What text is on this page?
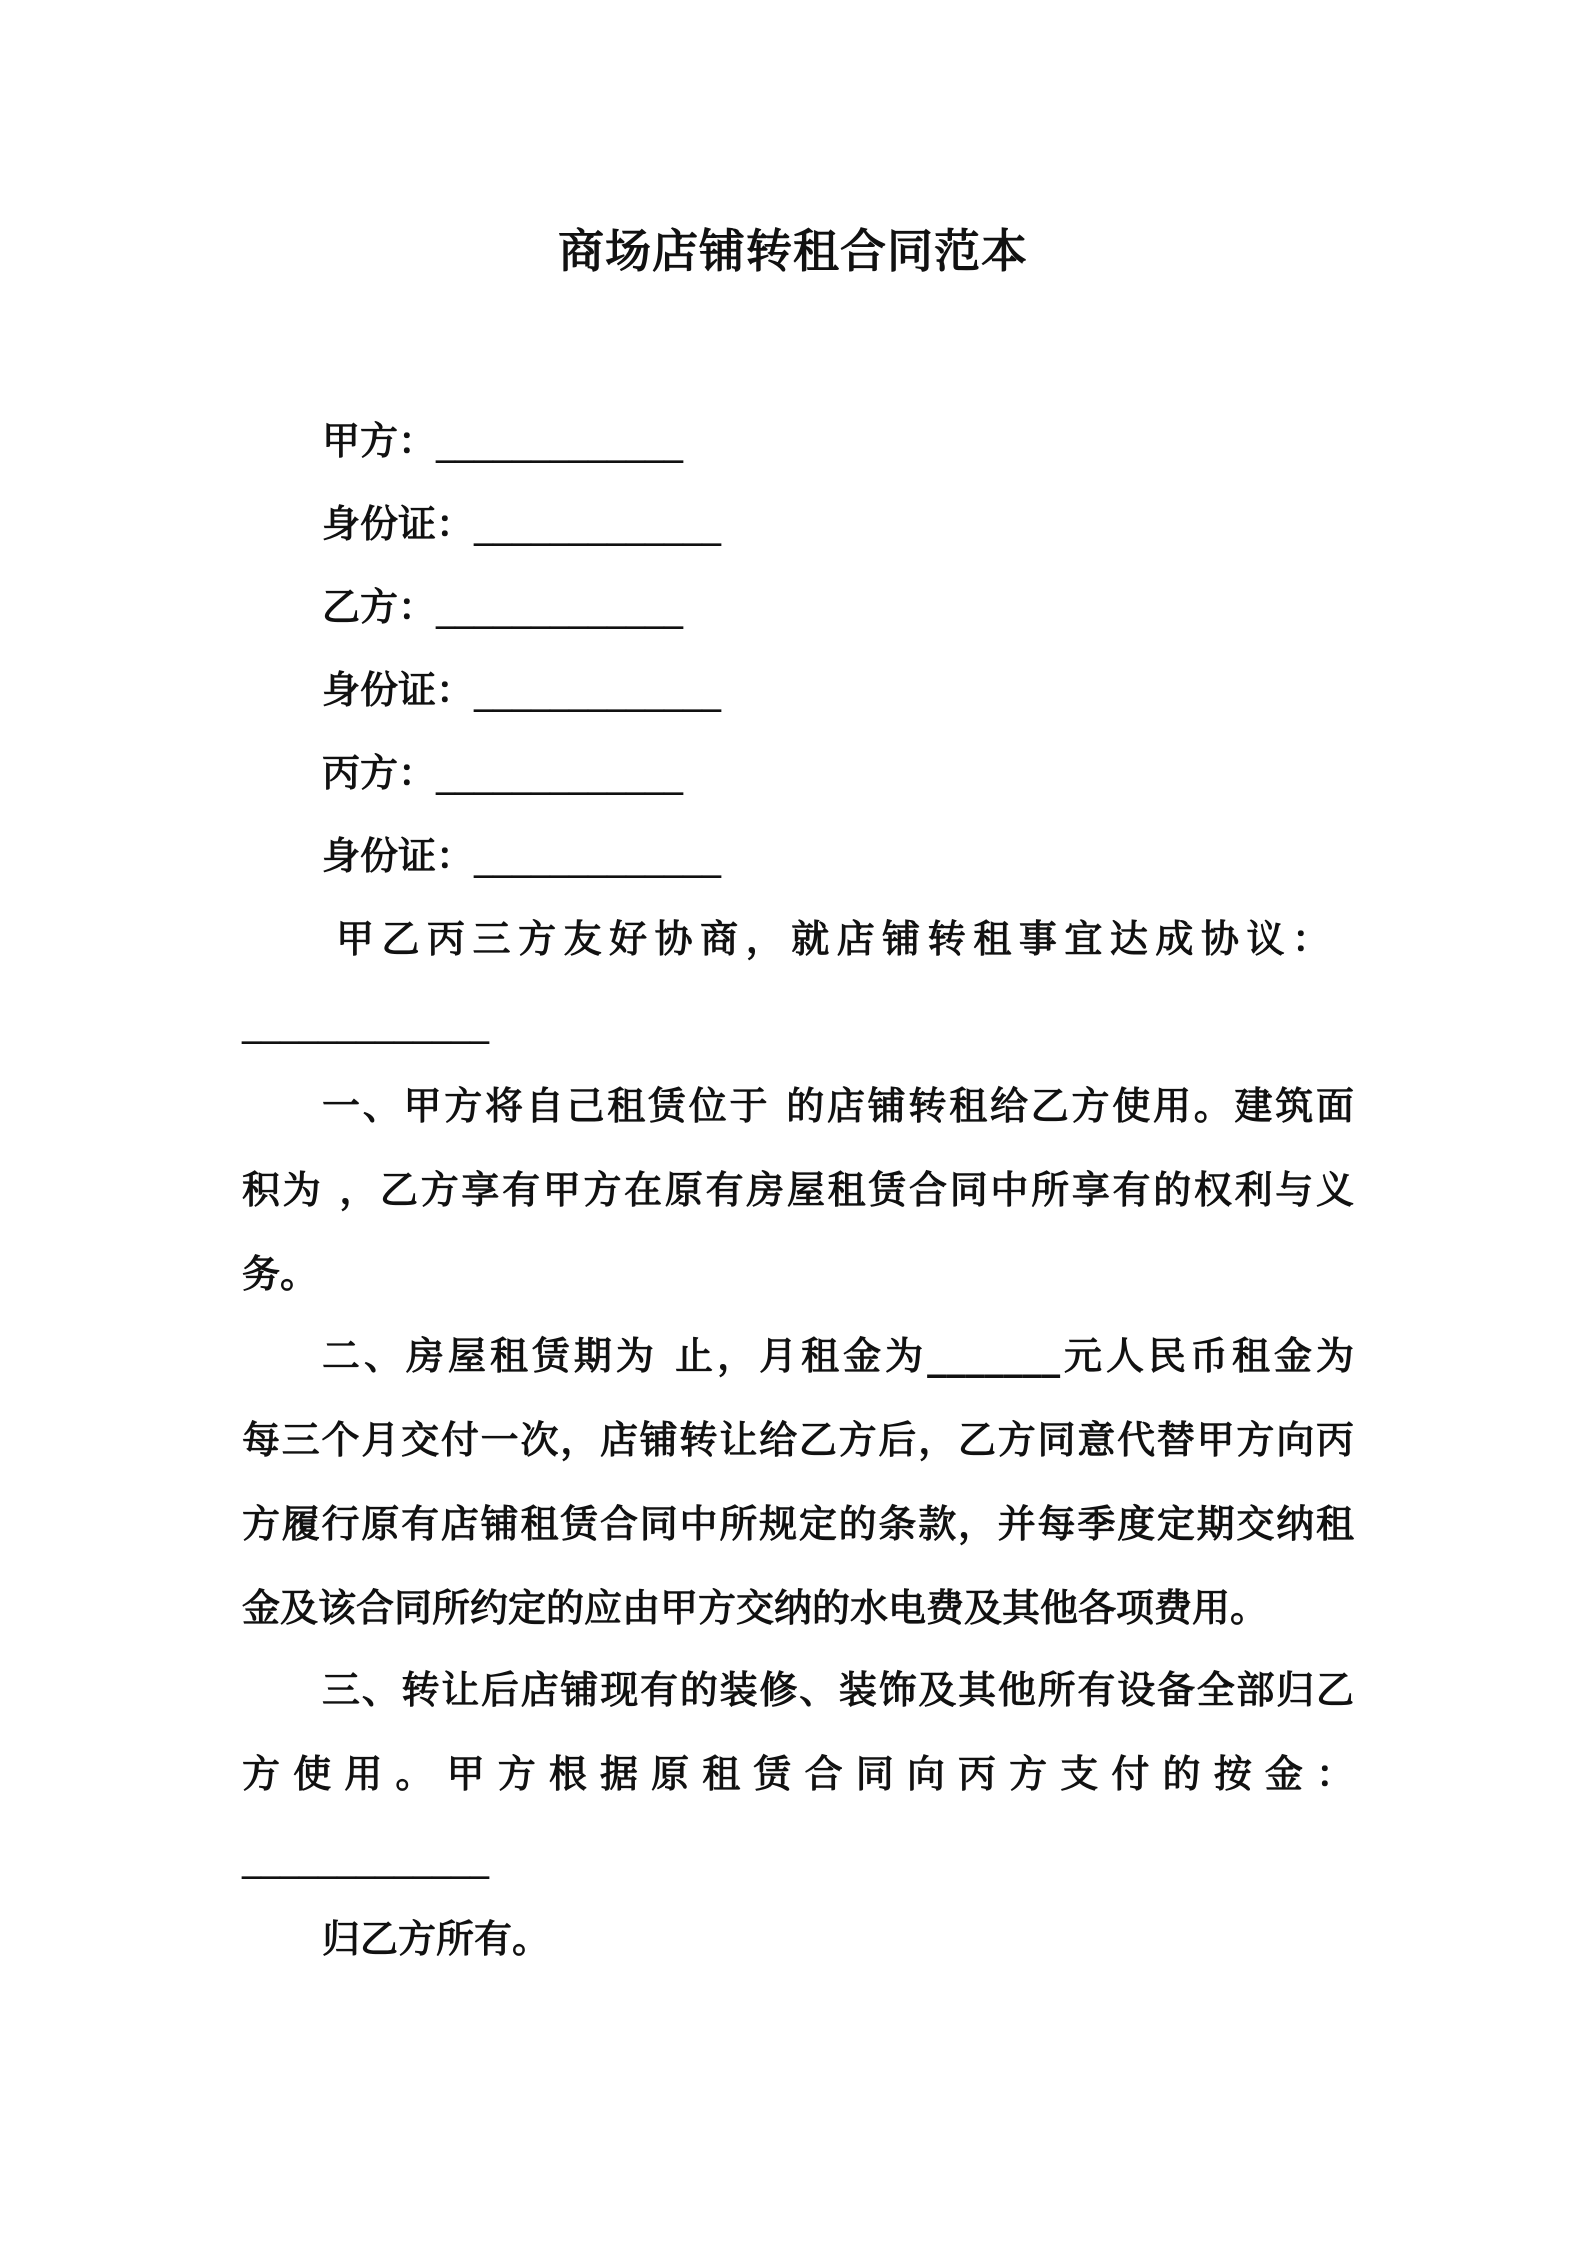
商场店铺转租合同范本
甲方：_____________
身份证：_____________
乙方：_____________
身份证：_____________
丙方：_____________
身份证：_____________
甲乙丙三方友好协商，就店铺转租事宜达成协议：
_____________
一、甲方将自己租赁位于 的店铺转租给乙方使用。建筑面
积为 ，乙方享有甲方在原有房屋租赁合同中所享有的权利与义
务。
二、房屋租赁期为 止，月租金为_______元人民币租金为
每三个月交付一次，店铺转让给乙方后，乙方同意代替甲方向丙
方履行原有店铺租赁合同中所规定的条款，并每季度定期交纳租
金及该合同所约定的应由甲方交纳的水电费及其他各项费用。
三、转让后店铺现有的装修、装饰及其他所有设备全部归乙
方使用。甲方根据原租赁合同向丙方支付的按金：
_____________
归乙方所有。
